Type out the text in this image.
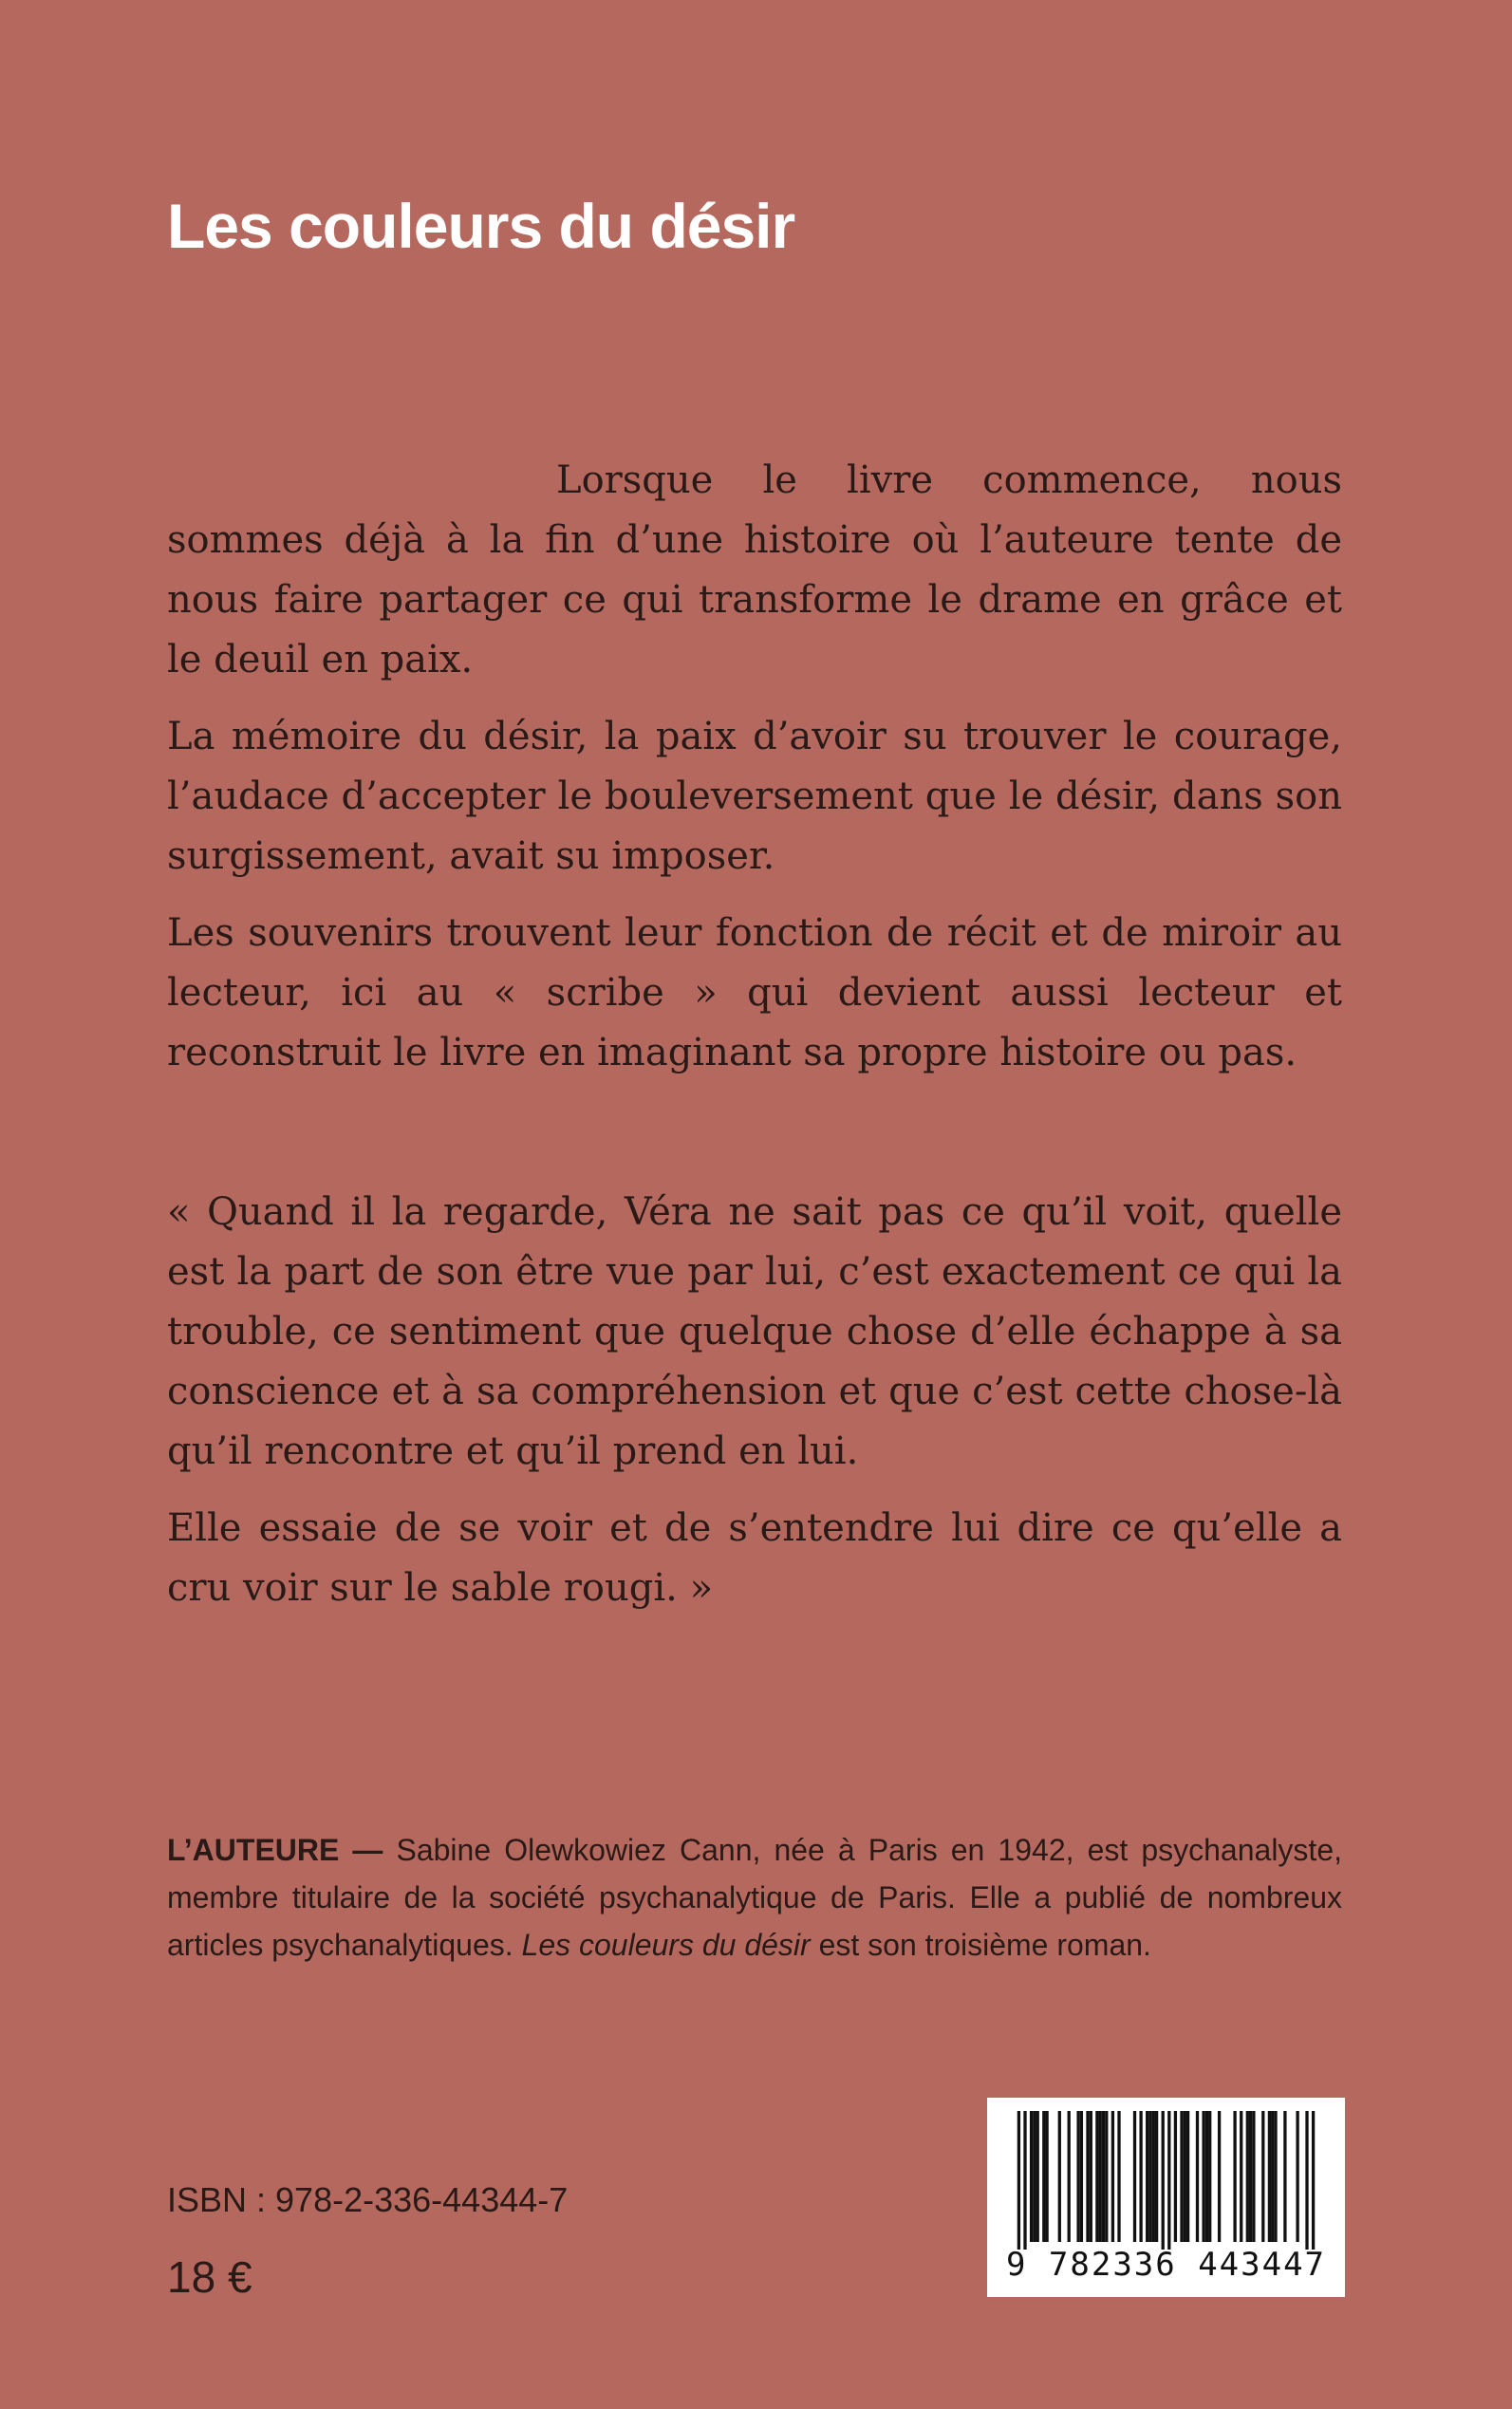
Les couleurs du désir

Lorsque le livre commence, nous sommes déjà à la fin d’une histoire où l’auteure tente de nous faire partager ce qui transforme le drame en grâce et le deuil en paix.

La mémoire du désir, la paix d’avoir su trouver le courage, l’audace d’accepter le bouleversement que le désir, dans son surgissement, avait su imposer.

Les souvenirs trouvent leur fonction de récit et de miroir au lecteur, ici au « scribe » qui devient aussi lecteur et reconstruit le livre en imaginant sa propre histoire ou pas.

« Quand il la regarde, Véra ne sait pas ce qu’il voit, quelle est la part de son être vue par lui, c’est exactement ce qui la trouble, ce sentiment que quelque chose d’elle échappe à sa conscience et à sa compréhension et que c’est cette chose-là qu’il rencontre et qu’il prend en lui.

Elle essaie de se voir et de s’entendre lui dire ce qu’elle a cru voir sur le sable rougi. »

L’AUTEURE — Sabine Olewkowiez Cann, née à Paris en 1942, est psychanalyste, membre titulaire de la société psychanalytique de Paris. Elle a publié de nombreux articles psychanalytiques. Les couleurs du désir est son troisième roman.

ISBN : 978-2-336-44344-7
18 €	9 782336 443447
